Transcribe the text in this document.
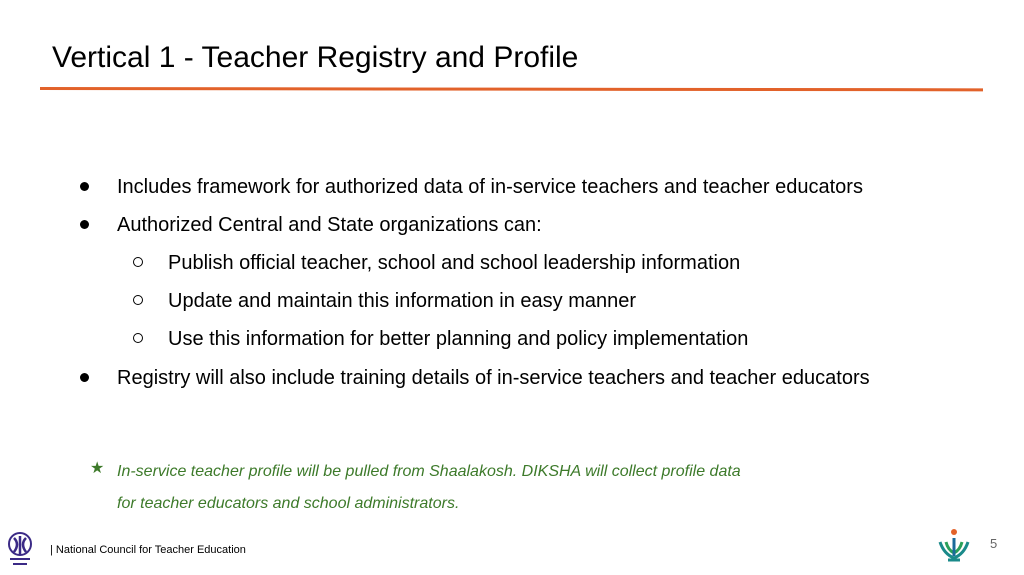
Vertical 1 - Teacher Registry and Profile
Includes framework for authorized data of in-service teachers and teacher educators
Authorized Central and State organizations can:
Publish official teacher, school and school leadership information
Update and maintain this information in easy manner
Use this information for better planning and policy implementation
Registry will also include training details of in-service teachers and teacher educators
★ In-service teacher profile will be pulled from Shaalakosh. DIKSHA will collect profile data
for teacher educators and school administrators.
| National Council for Teacher Education	5
